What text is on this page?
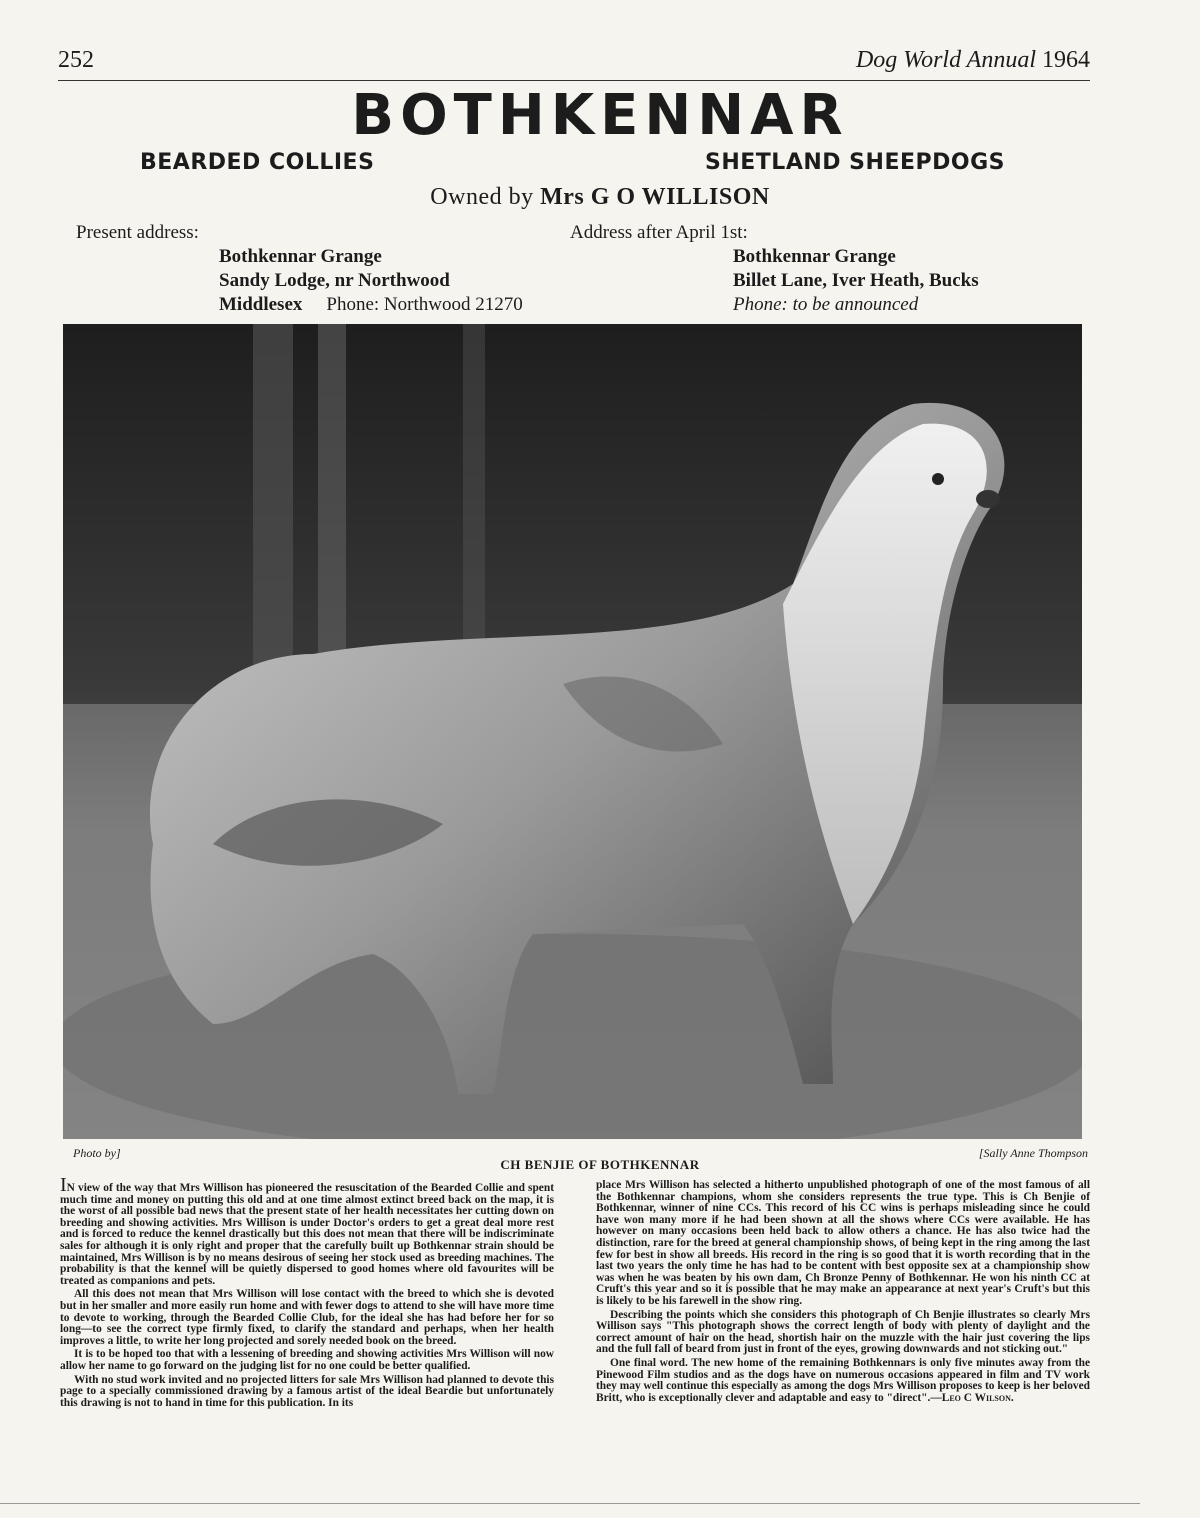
252	Dog World Annual 1964
BOTHKENNAR
BEARDED COLLIES	SHETLAND SHEEPDOGS
Owned by Mrs G O WILLISON
Present address:	Address after April 1st:
Bothkennar Grange
Sandy Lodge, nr Northwood
Middlesex Phone: Northwood 21270
Bothkennar Grange
Billet Lane, Iver Heath, Bucks
Phone: to be announced
Photo by]	[Sally Anne Thompson
CH BENJIE OF BOTHKENNAR

IN view of the way that Mrs Willison has pioneered the resuscitation of the Bearded Collie and spent much time and money on putting this old and at one time almost extinct breed back on the map, it is the worst of all possible bad news that the present state of her health necessitates her cutting down on breeding and showing activities. Mrs Willison is under Doctor's orders to get a great deal more rest and is forced to reduce the kennel drastically but this does not mean that there will be indiscriminate sales for although it is only right and proper that the carefully built up Bothkennar strain should be maintained, Mrs Willison is by no means desirous of seeing her stock used as breeding machines. The probability is that the kennel will be quietly dispersed to good homes where old favourites will be treated as companions and pets.

All this does not mean that Mrs Willison will lose contact with the breed to which she is devoted but in her smaller and more easily run home and with fewer dogs to attend to she will have more time to devote to working, through the Bearded Collie Club, for the ideal she has had before her for so long—to see the correct type firmly fixed, to clarify the standard and perhaps, when her health improves a little, to write her long projected and sorely needed book on the breed.

It is to be hoped too that with a lessening of breeding and showing activities Mrs Willison will now allow her name to go forward on the judging list for no one could be better qualified.

With no stud work invited and no projected litters for sale Mrs Willison had planned to devote this page to a specially commissioned drawing by a famous artist of the ideal Beardie but unfortunately this drawing is not to hand in time for this publication. In its

place Mrs Willison has selected a hitherto unpublished photograph of one of the most famous of all the Bothkennar champions, whom she considers represents the true type. This is Ch Benjie of Bothkennar, winner of nine CCs. This record of his CC wins is perhaps misleading since he could have won many more if he had been shown at all the shows where CCs were available. He has however on many occasions been held back to allow others a chance. He has also twice had the distinction, rare for the breed at general championship shows, of being kept in the ring among the last few for best in show all breeds. His record in the ring is so good that it is worth recording that in the last two years the only time he has had to be content with best opposite sex at a championship show was when he was beaten by his own dam, Ch Bronze Penny of Bothkennar. He won his ninth CC at Cruft's this year and so it is possible that he may make an appearance at next year's Cruft's but this is likely to be his farewell in the show ring.

Describing the points which she considers this photograph of Ch Benjie illustrates so clearly Mrs Willison says "This photograph shows the correct length of body with plenty of daylight and the correct amount of hair on the head, shortish hair on the muzzle with the hair just covering the lips and the full fall of beard from just in front of the eyes, growing downwards and not sticking out."

One final word. The new home of the remaining Bothkennars is only five minutes away from the Pinewood Film studios and as the dogs have on numerous occasions appeared in film and TV work they may well continue this especially as among the dogs Mrs Willison proposes to keep is her beloved Britt, who is exceptionally clever and adaptable and easy to "direct".—Leo C Wilson.
